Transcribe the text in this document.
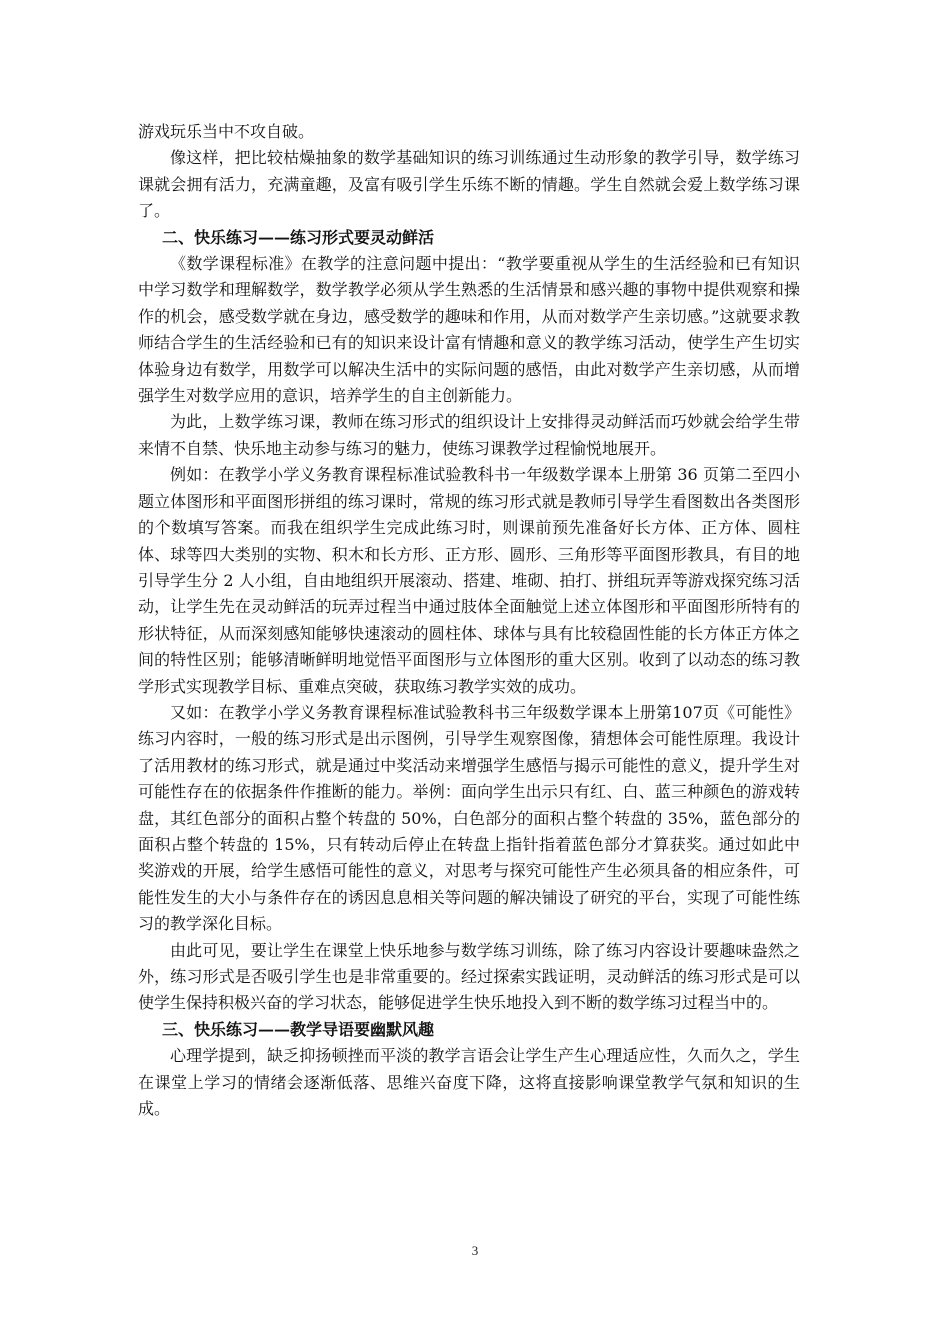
游戏玩乐当中不攻自破。

像这样，把比较枯燥抽象的数学基础知识的练习训练通过生动形象的教学引导，数学练习课就会拥有活力，充满童趣，及富有吸引学生乐练不断的情趣。学生自然就会爱上数学练习课了。

二、快乐练习——练习形式要灵动鲜活

《数学课程标准》在教学的注意问题中提出：“教学要重视从学生的生活经验和已有知识中学习数学和理解数学，数学教学必须从学生熟悉的生活情景和感兴趣的事物中提供观察和操作的机会，感受数学就在身边，感受数学的趣味和作用，从而对数学产生亲切感。”这就要求教师结合学生的生活经验和已有的知识来设计富有情趣和意义的教学练习活动，使学生产生切实体验身边有数学，用数学可以解决生活中的实际问题的感悟，由此对数学产生亲切感，从而增强学生对数学应用的意识，培养学生的自主创新能力。

为此，上数学练习课，教师在练习形式的组织设计上安排得灵动鲜活而巧妙就会给学生带来情不自禁、快乐地主动参与练习的魅力，使练习课教学过程愉悦地展开。

例如：在教学小学义务教育课程标准试验教科书一年级数学课本上册第 36 页第二至四小题立体图形和平面图形拼组的练习课时，常规的练习形式就是教师引导学生看图数出各类图形的个数填写答案。而我在组织学生完成此练习时，则课前预先准备好长方体、正方体、圆柱体、球等四大类别的实物、积木和长方形、正方形、圆形、三角形等平面图形教具，有目的地引导学生分 2 人小组，自由地组织开展滚动、搭建、堆砌、拍打、拼组玩弄等游戏探究练习活动，让学生先在灵动鲜活的玩弄过程当中通过肢体全面触觉上述立体图形和平面图形所特有的形状特征，从而深刻感知能够快速滚动的圆柱体、球体与具有比较稳固性能的长方体正方体之间的特性区别；能够清晰鲜明地觉悟平面图形与立体图形的重大区别。收到了以动态的练习教学形式实现教学目标、重难点突破，获取练习教学实效的成功。

又如：在教学小学义务教育课程标准试验教科书三年级数学课本上册第107页《可能性》练习内容时，一般的练习形式是出示图例，引导学生观察图像，猜想体会可能性原理。我设计了活用教材的练习形式，就是通过中奖活动来增强学生感悟与揭示可能性的意义，提升学生对可能性存在的依据条件作推断的能力。举例：面向学生出示只有红、白、蓝三种颜色的游戏转盘，其红色部分的面积占整个转盘的 50%，白色部分的面积占整个转盘的 35%，蓝色部分的面积占整个转盘的 15%，只有转动后停止在转盘上指针指着蓝色部分才算获奖。通过如此中奖游戏的开展，给学生感悟可能性的意义，对思考与探究可能性产生必须具备的相应条件，可能性发生的大小与条件存在的诱因息息相关等问题的解决铺设了研究的平台，实现了可能性练习的教学深化目标。

由此可见，要让学生在课堂上快乐地参与数学练习训练，除了练习内容设计要趣味盎然之外，练习形式是否吸引学生也是非常重要的。经过探索实践证明，灵动鲜活的练习形式是可以使学生保持积极兴奋的学习状态，能够促进学生快乐地投入到不断的数学练习过程当中的。

三、快乐练习——教学导语要幽默风趣

心理学提到，缺乏抑扬顿挫而平淡的教学言语会让学生产生心理适应性，久而久之，学生在课堂上学习的情绪会逐渐低落、思维兴奋度下降，这将直接影响课堂教学气氛和知识的生成。

3
